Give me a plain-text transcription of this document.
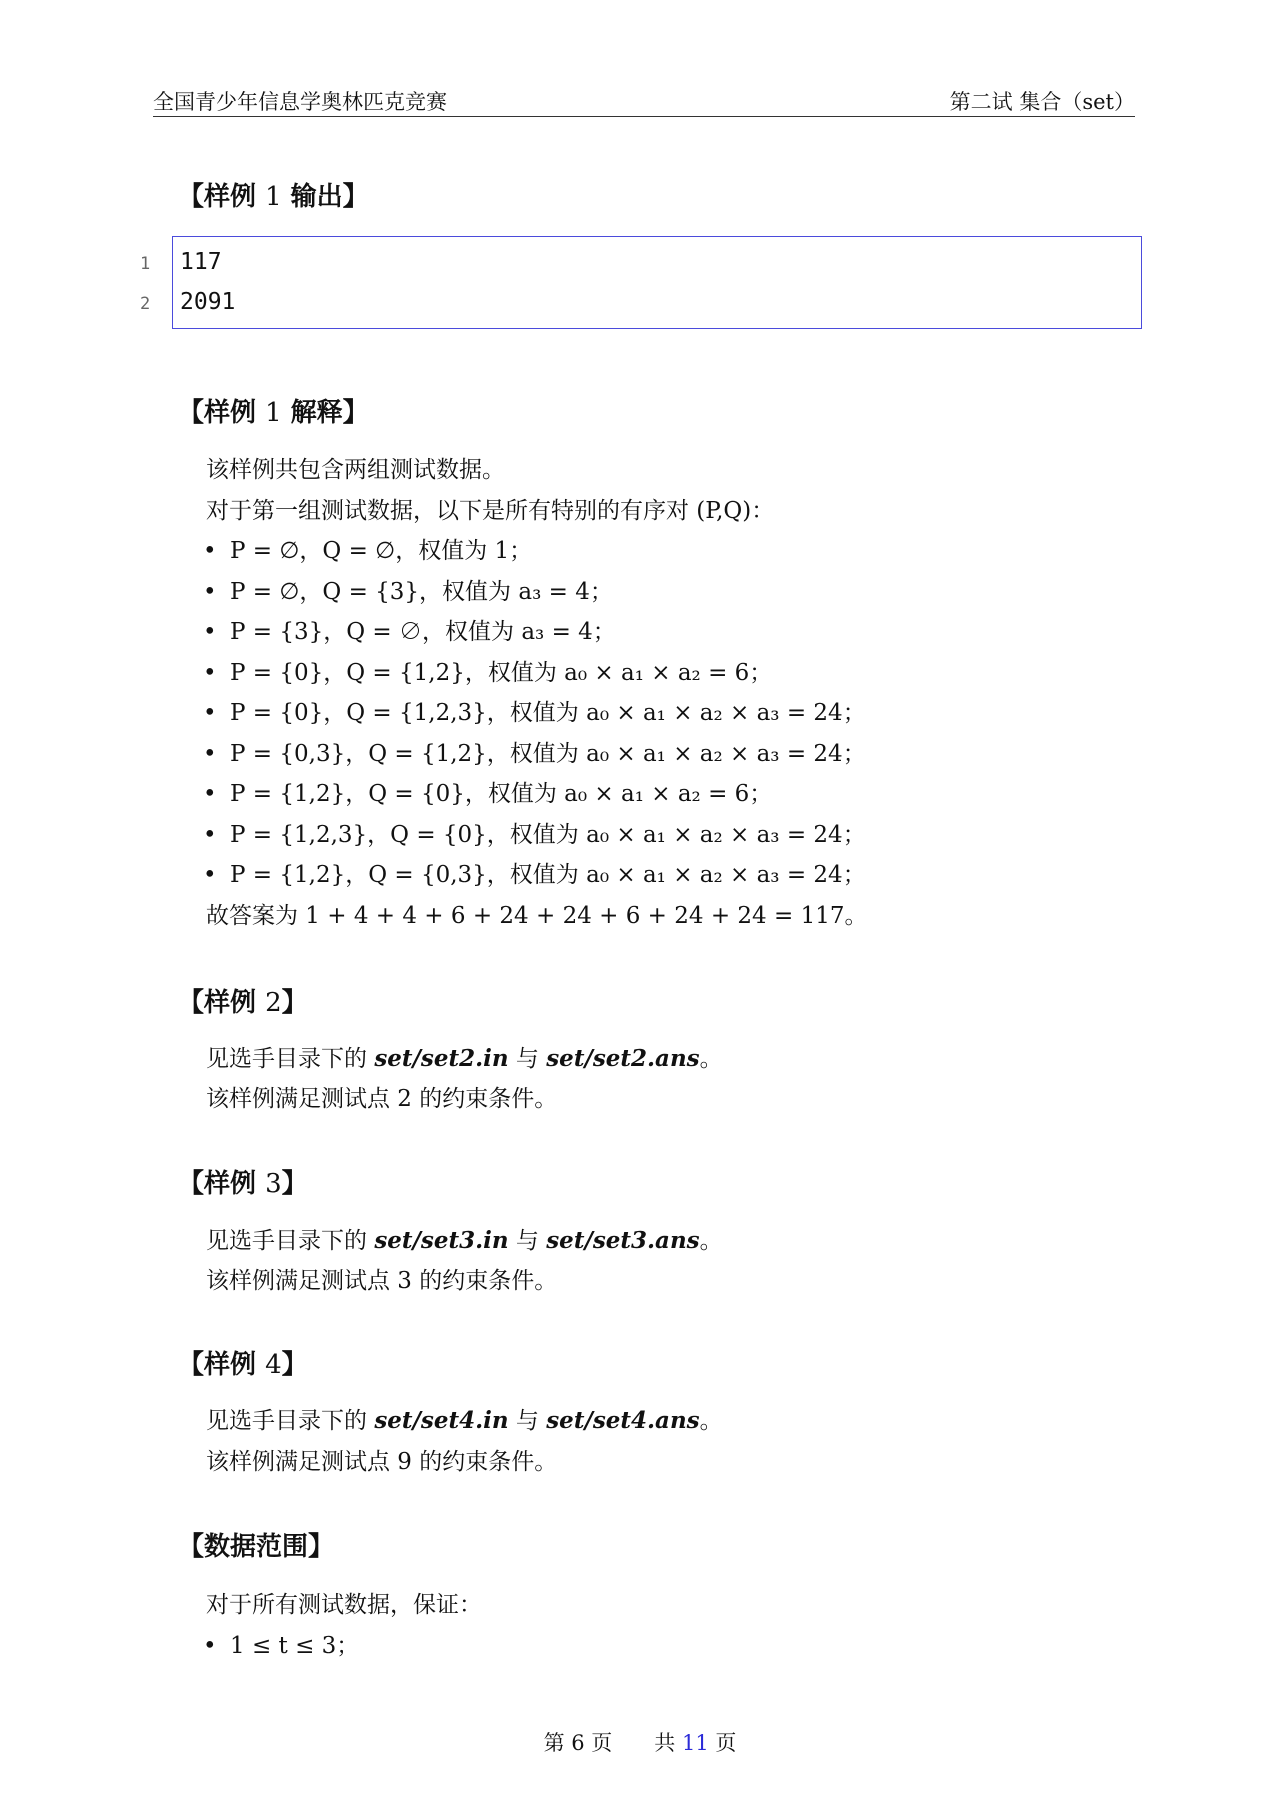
全国青少年信息学奥林匹克竞赛	第二试 集合（set）
【样例 1 输出】
1 117
2 2091
【样例 1 解释】
该样例共包含两组测试数据。
对于第一组测试数据，以下是所有特别的有序对 (P,Q)：
• P = ∅，Q = ∅，权值为 1；
• P = ∅，Q = {3}，权值为 a₃ = 4；
• P = {3}，Q = ∅，权值为 a₃ = 4；
• P = {0}，Q = {1,2}，权值为 a₀ × a₁ × a₂ = 6；
• P = {0}，Q = {1,2,3}，权值为 a₀ × a₁ × a₂ × a₃ = 24；
• P = {0,3}，Q = {1,2}，权值为 a₀ × a₁ × a₂ × a₃ = 24；
• P = {1,2}，Q = {0}，权值为 a₀ × a₁ × a₂ = 6；
• P = {1,2,3}，Q = {0}，权值为 a₀ × a₁ × a₂ × a₃ = 24；
• P = {1,2}，Q = {0,3}，权值为 a₀ × a₁ × a₂ × a₃ = 24；
故答案为 1 + 4 + 4 + 6 + 24 + 24 + 6 + 24 + 24 = 117。
【样例 2】
见选手目录下的 set/set2.in 与 set/set2.ans。
该样例满足测试点 2 的约束条件。
【样例 3】
见选手目录下的 set/set3.in 与 set/set3.ans。
该样例满足测试点 3 的约束条件。
【样例 4】
见选手目录下的 set/set4.in 与 set/set4.ans。
该样例满足测试点 9 的约束条件。
【数据范围】
对于所有测试数据，保证：
• 1 ≤ t ≤ 3；
第 6 页　　共 11 页
